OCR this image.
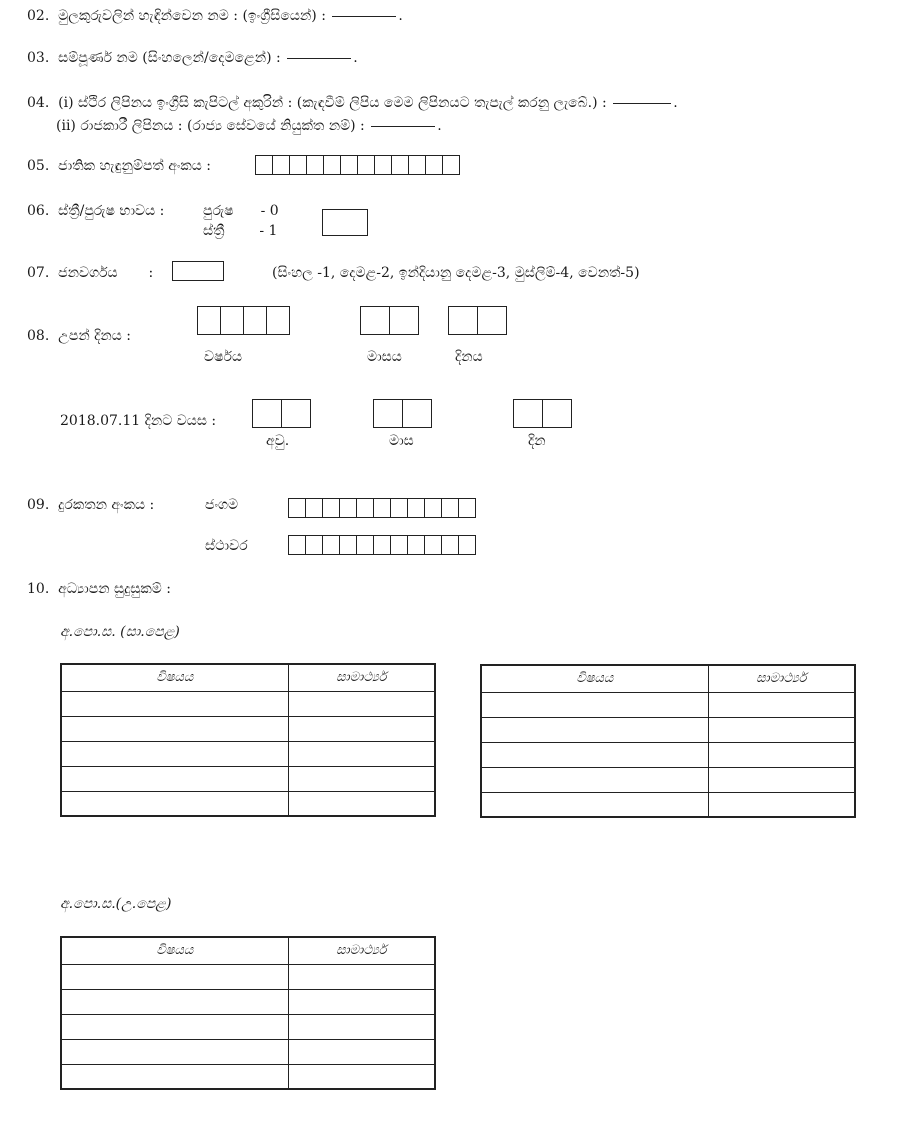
02. මුලකුරුවලින් හැඳින්වෙන නම : (ඉංග්‍රීසියෙන්) :	.
03. සම්පූර්ණ නම (සිංහලෙන්/දෙමළෙන්) :	.
04. (i) ස්ථිර ලිපිනය ඉංග්‍රීසි කැපිටල් අකුරින් : (කැඳවීම් ලිපිය මෙම ලිපිනයට තැපැල් කරනු ලැබේ.) :	.
(ii) රාජකාරී ලිපිනය : (රාජ්‍ය සේවයේ නියුක්ත නම්) :	.
05. ජාතික හැඳුනුම්පත් අංකය :
06. ස්ත්‍රී/පුරුෂ භාවය :	පුරුෂ - 0
ස්ත්‍රී - 1
07. ජනවර්ගය :	(සිංහල -1, දෙමළ-2, ඉන්දියානු දෙමළ-3, මුස්ලිම්-4, වෙනත්-5)
08. උපන් දිනය :
වර්ෂය	මාසය	දිනය
2018.07.11 දිනට වයස :
අවු.	මාස	දින
09. දුරකතන අංකය :	ජංගම
ස්ථාවර
10. අධ්‍යාපන සුදුසුකම් :
අ.පො.ස. (සා.පෙළ)
විෂයය	සාමාර්ථ්‍ය

		විෂයය	සාමාර්ථ්‍ය

අ.පො.ස.(උ.පෙළ)
විෂයය	සාමාර්ථ්‍ය
